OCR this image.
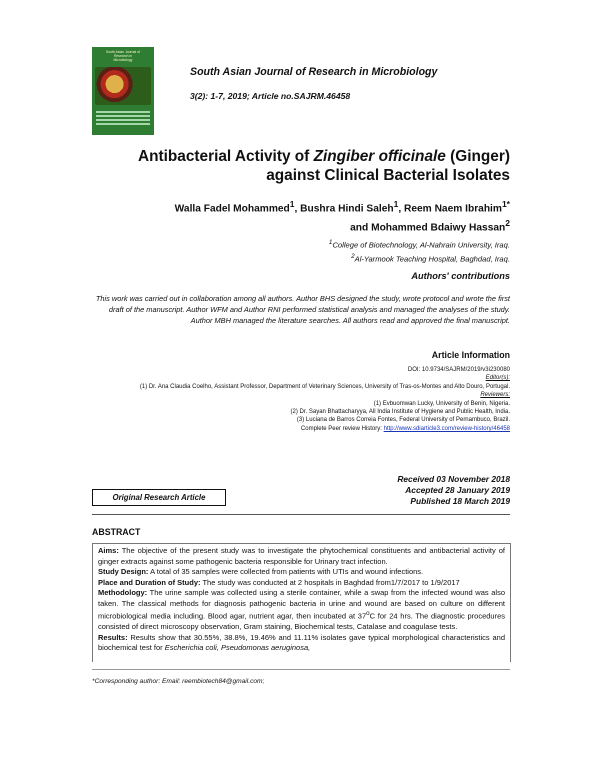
South Asian Journal of
Research in
Microbiology
South Asian Journal of Research in Microbiology
3(2): 1-7, 2019; Article no.SAJRM.46458
Antibacterial Activity of Zingiber officinale (Ginger)
against Clinical Bacterial Isolates
Walla Fadel Mohammed$^1$, Bushra Hindi Saleh$^1$, Reem Naem Ibrahim$^{1*}$
and Mohammed Bdaiwy Hassan$^2$
$^1$College of Biotechnology, Al-Nahrain University, Iraq.
$^2$Al-Yarmook Teaching Hospital, Baghdad, Iraq.
Authors' contributions
This work was carried out in collaboration among all authors. Author BHS designed the study, wrote protocol and wrote the first draft of the manuscript. Author WFM and Author RNI performed statistical analysis and managed the analyses of the study. Author MBH managed the literature searches. All authors read and approved the final manuscript.
Article Information
DOI: 10.9734/SAJRM/2019/v3i230080
Editor(s):
(1) Dr. Ana Claudia Coelho, Assistant Professor, Department of Veterinary Sciences, University of Tras-os-Montes and Alto Douro, Portugal.
Reviewers:
(1) Evbuomwan Lucky, University of Benin, Nigeria.
(2) Dr. Sayan Bhattacharyya, All India Institute of Hygiene and Public Health, India.
(3) Luciana de Barros Correia Fontes, Federal University of Pernambuco, Brazil.
Complete Peer review History: http://www.sdiarticle3.com/review-history/46458
Received 03 November 2018
Accepted 28 January 2019
Published 18 March 2019
Original Research Article
ABSTRACT

Aims: The objective of the present study was to investigate the phytochemical constituents and antibacterial activity of ginger extracts against some pathogenic bacteria responsible for Urinary tract infection.

Study Design: A total of 35 samples were collected from patients with UTIs and wound infections.

Place and Duration of Study: The study was conducted at 2 hospitals in Baghdad from1/7/2017 to 1/9/2017

Methodology: The urine sample was collected using a sterile container, while a swap from the infected wound was also taken. The classical methods for diagnosis pathogenic bacteria in urine and wound are based on culture on different microbiological media including. Blood agar, nutrient agar, then incubated at 37$^o$C for 24 hrs. The diagnostic procedures consisted of direct microscopy observation, Gram staining, Biochemical tests, Catalase and coagulase tests.

Results: Results show that 30.55%, 38.8%, 19.46% and 11.11% isolates gave typical morphological characteristics and biochemical test for Escherichia coli, Pseudomonas aeruginosa,

*Corresponding author: Email: reembiotech84@gmail.com;
